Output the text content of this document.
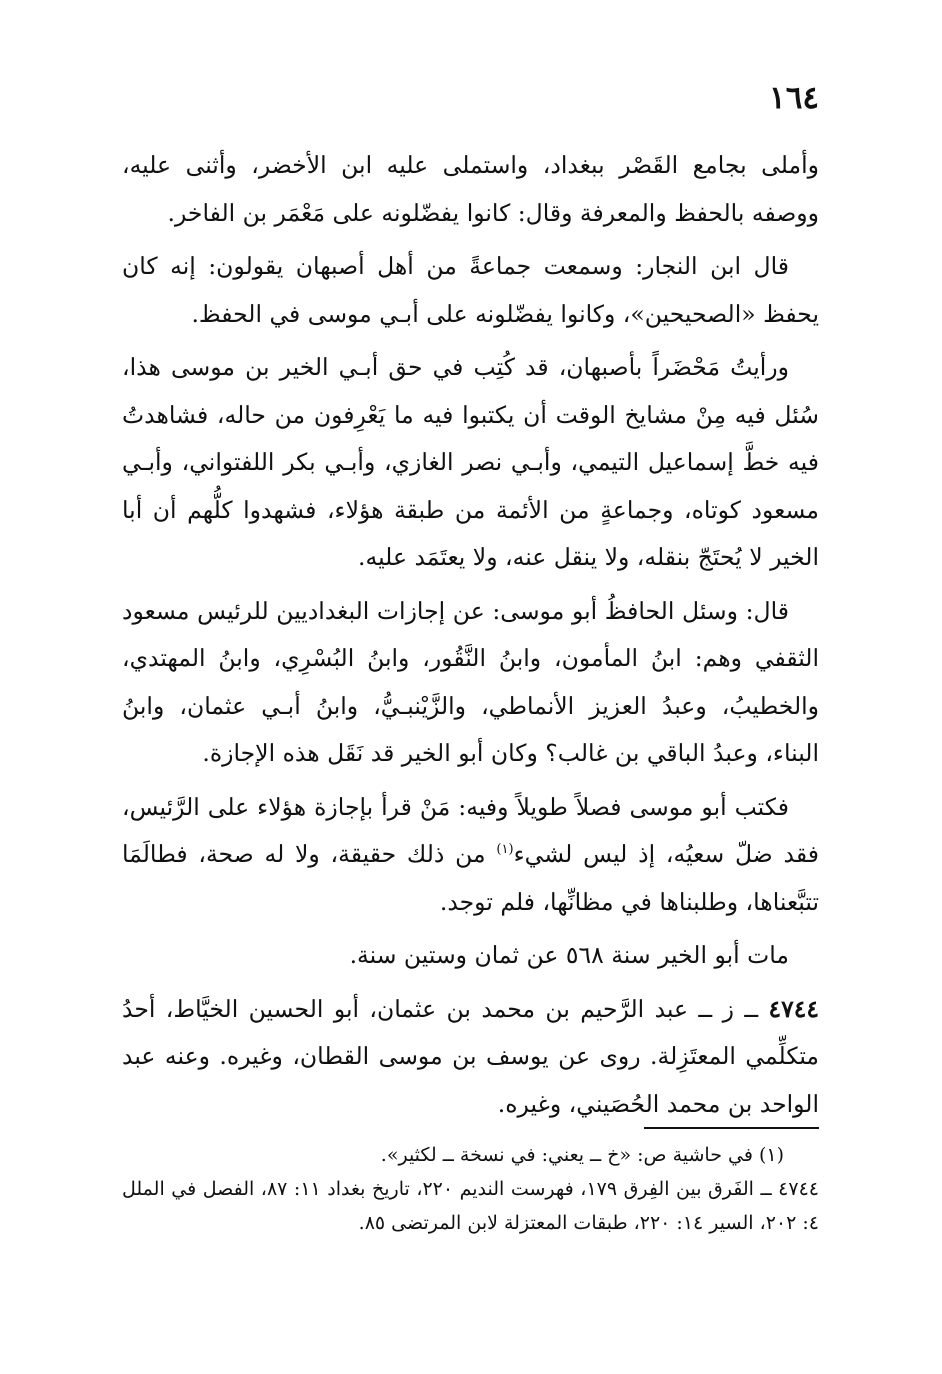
١٦٤

وأملى بجامع القَصْر ببغداد، واستملى عليه ابن الأخضر، وأثنى عليه، ووصفه بالحفظ والمعرفة وقال: كانوا يفضّلونه على مَعْمَر بن الفاخر.

قال ابن النجار: وسمعت جماعةً من أهل أصبهان يقولون: إنه كان يحفظ «الصحيحين»، وكانوا يفضّلونه على أبـي موسى في الحفظ.

ورأيتُ مَحْضَراً بأصبهان، قد كُتِب في حق أبـي الخير بن موسى هذا، سُئل فيه مِنْ مشايخ الوقت أن يكتبوا فيه ما يَعْرِفون من حاله، فشاهدتُ فيه خطَّ إسماعيل التيمي، وأبـي نصر الغازي، وأبـي بكر اللفتواني، وأبـي مسعود كوتاه، وجماعةٍ من الأئمة من طبقة هؤلاء، فشهدوا كلُّهم أن أبا الخير لا يُحتَجّ بنقله، ولا ينقل عنه، ولا يعتَمَد عليه.

قال: وسئل الحافظُ أبو موسى: عن إجازات البغداديين للرئيس مسعود الثقفي وهم: ابنُ المأمون، وابنُ النَّقُور، وابنُ البُسْرِي، وابنُ المهتدي، والخطيبُ، وعبدُ العزيز الأنماطي، والزَّيْنبـيُّ، وابنُ أبـي عثمان، وابنُ البناء، وعبدُ الباقي بن غالب؟ وكان أبو الخير قد نَقَل هذه الإجازة.

فكتب أبو موسى فصلاً طويلاً وفيه: مَنْ قرأ بإجازة هؤلاء على الرَّئيس، فقد ضلّ سعيُه، إذ ليس لشيء$^{(١)}$ من ذلك حقيقة، ولا له صحة، فطالَمَا تتبَّعناها، وطلبناها في مظانِّها، فلم توجد.

مات أبو الخير سنة ٥٦٨ عن ثمان وستين سنة.

٤٧٤٤ ــ ز ــ عبد الرَّحيم بن محمد بن عثمان، أبو الحسين الخيَّاط، أحدُ متكلِّمي المعتَزِلة. روى عن يوسف بن موسى القطان، وغيره. وعنه عبد الواحد بن محمد الحُصَيني، وغيره.

(١) في حاشية ص: «خ ــ يعني: في نسخة ــ لكثير».

٤٧٤٤ ــ الفَرق بين الفِرق ١٧٩، فهرست النديم ٢٢٠، تاريخ بغداد ١١: ٨٧، الفصل في الملل ٤: ٢٠٢، السير ١٤: ٢٢٠، طبقات المعتزلة لابن المرتضى ٨٥.
